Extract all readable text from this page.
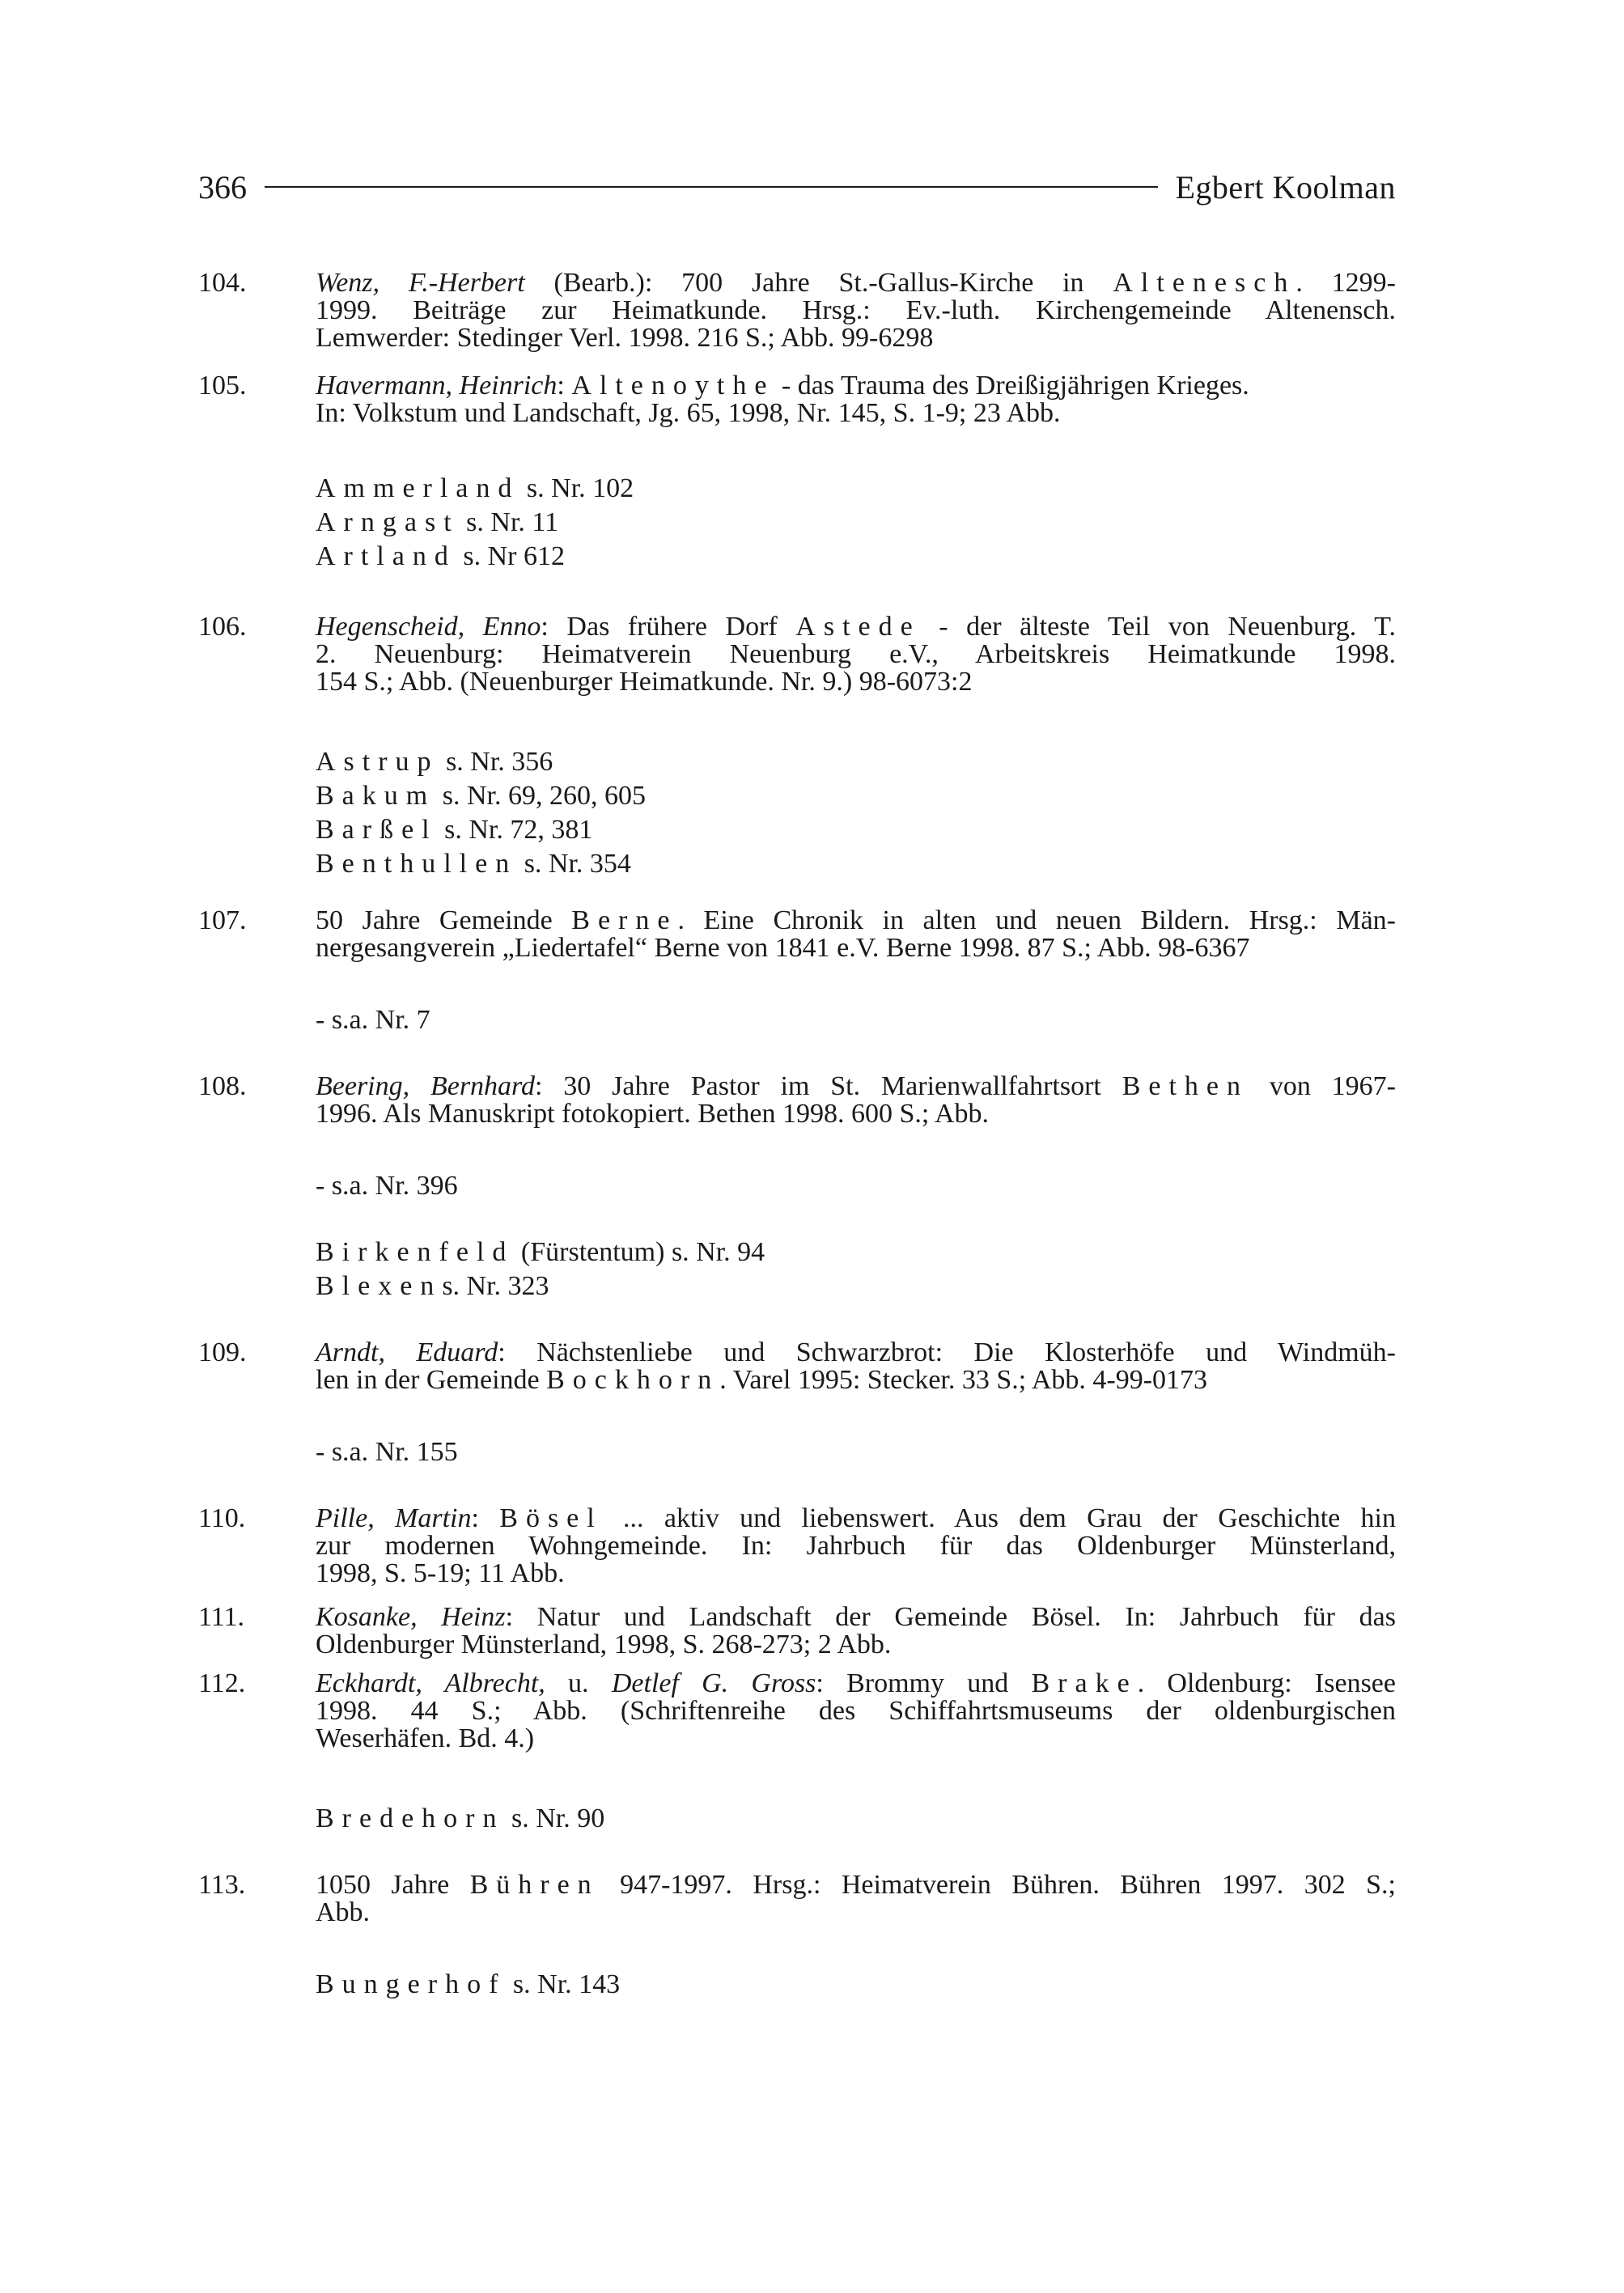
366	Egbert Koolman
104.	Wenz, F.-Herbert (Bearb.): 700 Jahre St.-Gallus-Kirche in Altenesch. 1299-
1999. Beiträge zur Heimatkunde. Hrsg.: Ev.-luth. Kirchengemeinde Altenensch.
Lemwerder: Stedinger Verl. 1998. 216 S.; Abb. 99-6298
105.	Havermann, Heinrich: Altenoythe - das Trauma des Dreißigjährigen Krieges.
In: Volkstum und Landschaft, Jg. 65, 1998, Nr. 145, S. 1-9; 23 Abb.
Ammerland s. Nr. 102
Arngast s. Nr. 11
Artland s. Nr 612
106.	Hegenscheid, Enno: Das frühere Dorf Astede - der älteste Teil von Neuenburg. T.
2. Neuenburg: Heimatverein Neuenburg e.V., Arbeitskreis Heimatkunde 1998.
154 S.; Abb. (Neuenburger Heimatkunde. Nr. 9.) 98-6073:2
Astrup s. Nr. 356
Bakum s. Nr. 69, 260, 605
Barßel s. Nr. 72, 381
Benthullen s. Nr. 354
107.	50 Jahre Gemeinde Berne. Eine Chronik in alten und neuen Bildern. Hrsg.: Män-
nergesangverein „Liedertafel“ Berne von 1841 e.V. Berne 1998. 87 S.; Abb. 98-6367
- s.a. Nr. 7
108.	Beering, Bernhard: 30 Jahre Pastor im St. Marienwallfahrtsort Bethen von 1967-
1996. Als Manuskript fotokopiert. Bethen 1998. 600 S.; Abb.
- s.a. Nr. 396
Birkenfeld (Fürstentum) s. Nr. 94
Blexens. Nr. 323
109.	Arndt, Eduard: Nächstenliebe und Schwarzbrot: Die Klosterhöfe und Windmüh-
len in der Gemeinde Bockhorn. Varel 1995: Stecker. 33 S.; Abb. 4-99-0173
- s.a. Nr. 155
110.	Pille, Martin: Bösel ... aktiv und liebenswert. Aus dem Grau der Geschichte hin
zur modernen Wohngemeinde. In: Jahrbuch für das Oldenburger Münsterland,
1998, S. 5-19; 11 Abb.
111.	Kosanke, Heinz: Natur und Landschaft der Gemeinde Bösel. In: Jahrbuch für das
Oldenburger Münsterland, 1998, S. 268-273; 2 Abb.
112.	Eckhardt, Albrecht, u. Detlef G. Gross: Brommy und Brake. Oldenburg: Isensee
1998. 44 S.; Abb. (Schriftenreihe des Schiffahrtsmuseums der oldenburgischen
Weserhäfen. Bd. 4.)
Bredehorn s. Nr. 90
113.	1050 Jahre Bühren 947-1997. Hrsg.: Heimatverein Bühren. Bühren 1997. 302 S.;
Abb.
Bungerhof s. Nr. 143
